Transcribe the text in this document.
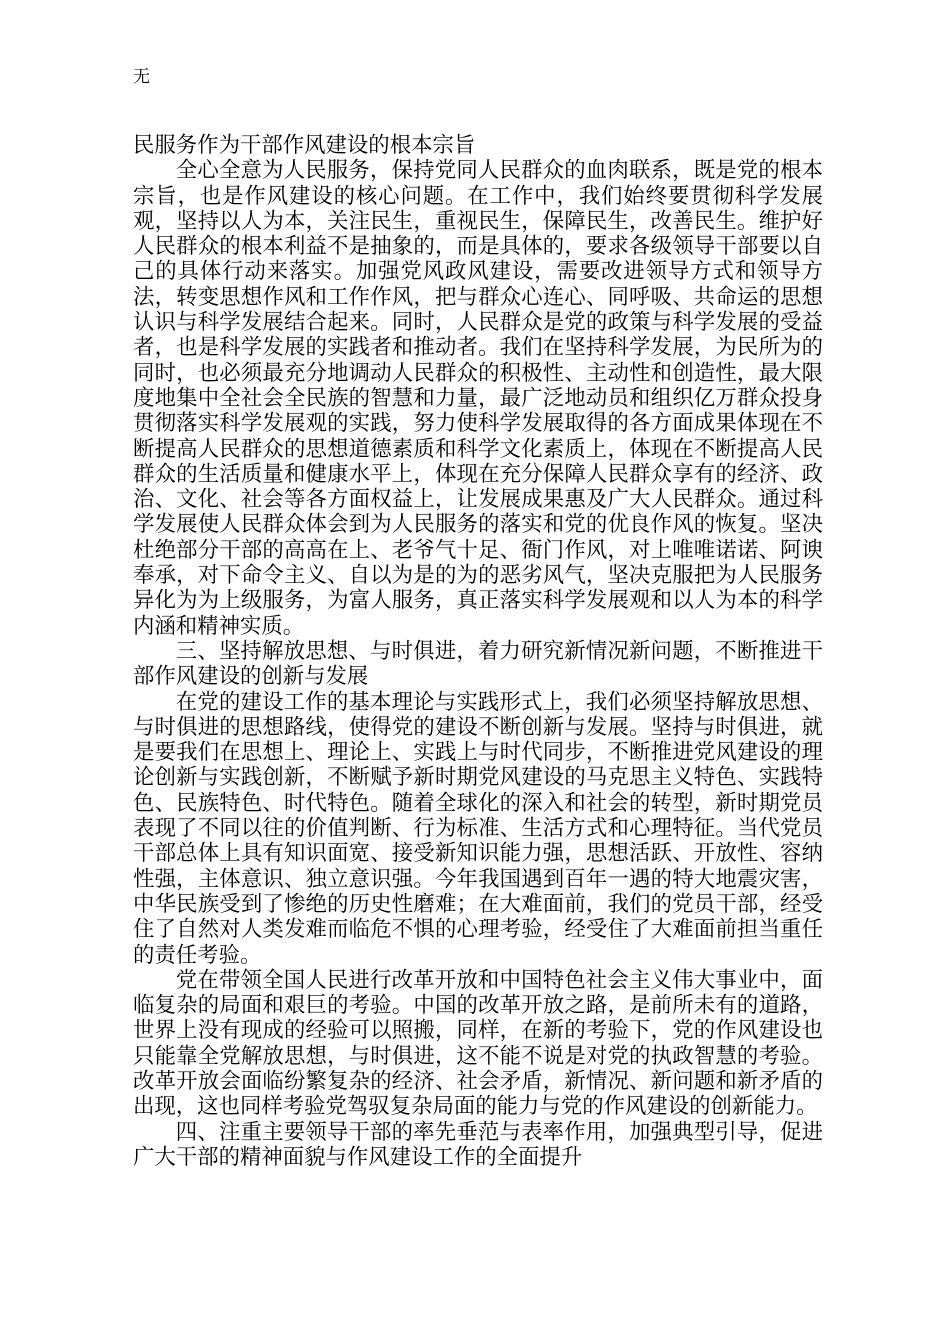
无

民服务作为干部作风建设的根本宗旨

全心全意为人民服务，保持党同人民群众的血肉联系，既是党的根本宗旨，也是作风建设的核心问题。在工作中，我们始终要贯彻科学发展观，坚持以人为本，关注民生，重视民生，保障民生，改善民生。维护好人民群众的根本利益不是抽象的，而是具体的，要求各级领导干部要以自己的具体行动来落实。加强党风政风建设，需要改进领导方式和领导方法，转变思想作风和工作作风，把与群众心连心、同呼吸、共命运的思想认识与科学发展结合起来。同时，人民群众是党的政策与科学发展的受益者，也是科学发展的实践者和推动者。我们在坚持科学发展，为民所为的同时，也必须最充分地调动人民群众的积极性、主动性和创造性，最大限度地集中全社会全民族的智慧和力量，最广泛地动员和组织亿万群众投身贯彻落实科学发展观的实践，努力使科学发展取得的各方面成果体现在不断提高人民群众的思想道德素质和科学文化素质上，体现在不断提高人民群众的生活质量和健康水平上，体现在充分保障人民群众享有的经济、政治、文化、社会等各方面权益上，让发展成果惠及广大人民群众。通过科学发展使人民群众体会到为人民服务的落实和党的优良作风的恢复。坚决杜绝部分干部的高高在上、老爷气十足、衙门作风，对上唯唯诺诺、阿谀奉承，对下命令主义、自以为是的为的恶劣风气，坚决克服把为人民服务异化为为上级服务，为富人服务，真正落实科学发展观和以人为本的科学内涵和精神实质。

三、坚持解放思想、与时俱进，着力研究新情况新问题，不断推进干部作风建设的创新与发展

在党的建设工作的基本理论与实践形式上，我们必须坚持解放思想、与时俱进的思想路线，使得党的建设不断创新与发展。坚持与时俱进，就是要我们在思想上、理论上、实践上与时代同步，不断推进党风建设的理论创新与实践创新，不断赋予新时期党风建设的马克思主义特色、实践特色、民族特色、时代特色。随着全球化的深入和社会的转型，新时期党员表现了不同以往的价值判断、行为标准、生活方式和心理特征。当代党员干部总体上具有知识面宽、接受新知识能力强，思想活跃、开放性、容纳性强，主体意识、独立意识强。今年我国遇到百年一遇的特大地震灾害，中华民族受到了惨绝的历史性磨难；在大难面前，我们的党员干部，经受住了自然对人类发难而临危不惧的心理考验，经受住了大难面前担当重任的责任考验。

党在带领全国人民进行改革开放和中国特色社会主义伟大事业中，面临复杂的局面和艰巨的考验。中国的改革开放之路，是前所未有的道路，世界上没有现成的经验可以照搬，同样，在新的考验下，党的作风建设也只能靠全党解放思想，与时俱进，这不能不说是对党的执政智慧的考验。改革开放会面临纷繁复杂的经济、社会矛盾，新情况、新问题和新矛盾的出现，这也同样考验党驾驭复杂局面的能力与党的作风建设的创新能力。

四、注重主要领导干部的率先垂范与表率作用，加强典型引导，促进广大干部的精神面貌与作风建设工作的全面提升
